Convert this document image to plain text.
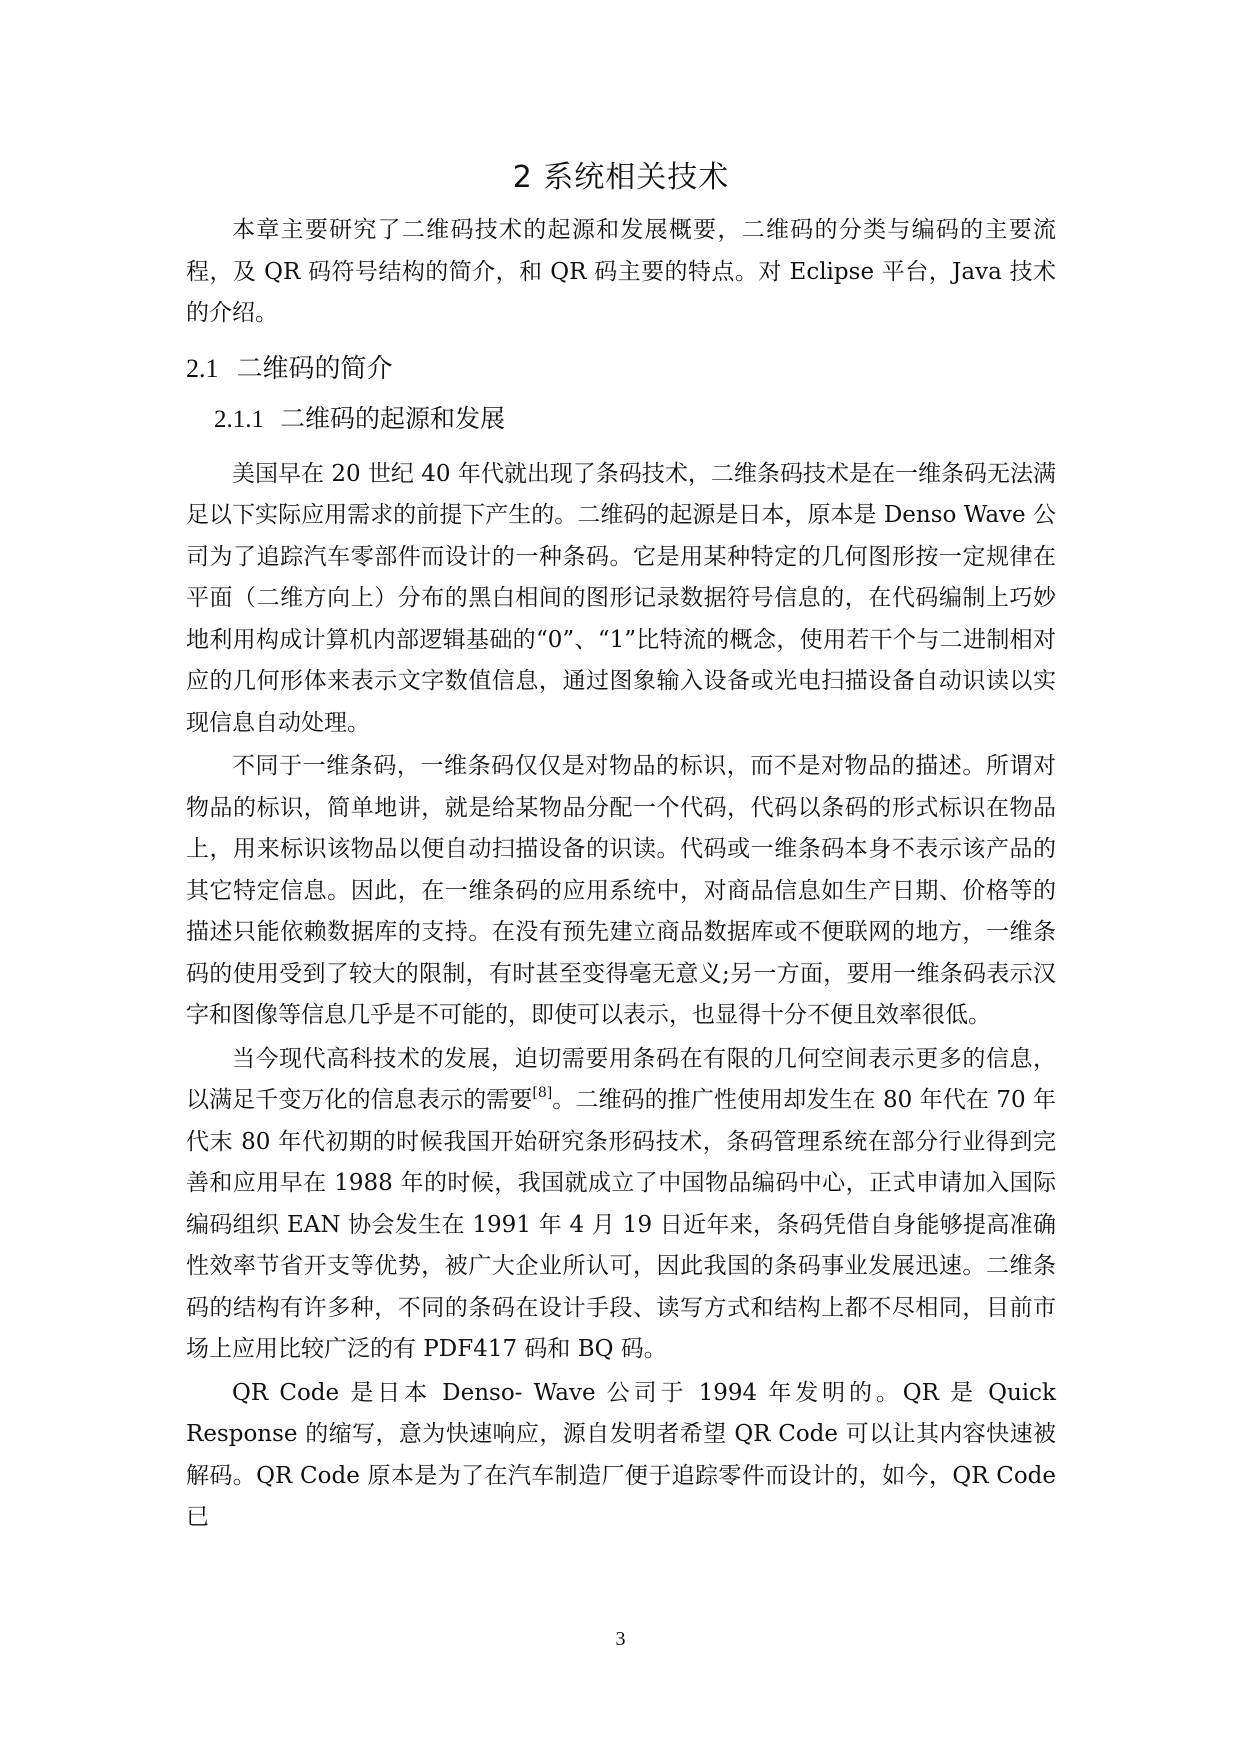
2 系统相关技术

本章主要研究了二维码技术的起源和发展概要，二维码的分类与编码的主要流程，及 QR 码符号结构的简介，和 QR 码主要的特点。对 Eclipse 平台，Java 技术的介绍。

2.1 二维码的简介
2.1.1 二维码的起源和发展

美国早在 20 世纪 40 年代就出现了条码技术，二维条码技术是在一维条码无法满足以下实际应用需求的前提下产生的。二维码的起源是日本，原本是 Denso Wave 公司为了追踪汽车零部件而设计的一种条码。它是用某种特定的几何图形按一定规律在平面（二维方向上）分布的黑白相间的图形记录数据符号信息的，在代码编制上巧妙地利用构成计算机内部逻辑基础的“0”、“1”比特流的概念，使用若干个与二进制相对应的几何形体来表示文字数值信息，通过图象输入设备或光电扫描设备自动识读以实现信息自动处理。

不同于一维条码，一维条码仅仅是对物品的标识，而不是对物品的描述。所谓对物品的标识，简单地讲，就是给某物品分配一个代码，代码以条码的形式标识在物品上，用来标识该物品以便自动扫描设备的识读。代码或一维条码本身不表示该产品的其它特定信息。因此，在一维条码的应用系统中，对商品信息如生产日期、价格等的描述只能依赖数据库的支持。在没有预先建立商品数据库或不便联网的地方，一维条码的使用受到了较大的限制，有时甚至变得毫无意义;另一方面，要用一维条码表示汉字和图像等信息几乎是不可能的，即使可以表示，也显得十分不便且效率很低。

当今现代高科技术的发展，迫切需要用条码在有限的几何空间表示更多的信息，以满足千变万化的信息表示的需要[8]。二维码的推广性使用却发生在 80 年代在 70 年代末 80 年代初期的时候我国开始研究条形码技术，条码管理系统在部分行业得到完善和应用早在 1988 年的时候，我国就成立了中国物品编码中心，正式申请加入国际编码组织 EAN 协会发生在 1991 年 4 月 19 日近年来，条码凭借自身能够提高准确性效率节省开支等优势，被广大企业所认可，因此我国的条码事业发展迅速。二维条码的结构有许多种，不同的条码在设计手段、读写方式和结构上都不尽相同，目前市场上应用比较广泛的有 PDF417 码和 BQ 码。

QR Code 是日本 Denso- Wave 公司于 1994 年发明的。QR 是 Quick Response 的缩写，意为快速响应，源自发明者希望 QR Code 可以让其内容快速被解码。QR Code 原本是为了在汽车制造厂便于追踪零件而设计的，如今，QR Code 已

3
